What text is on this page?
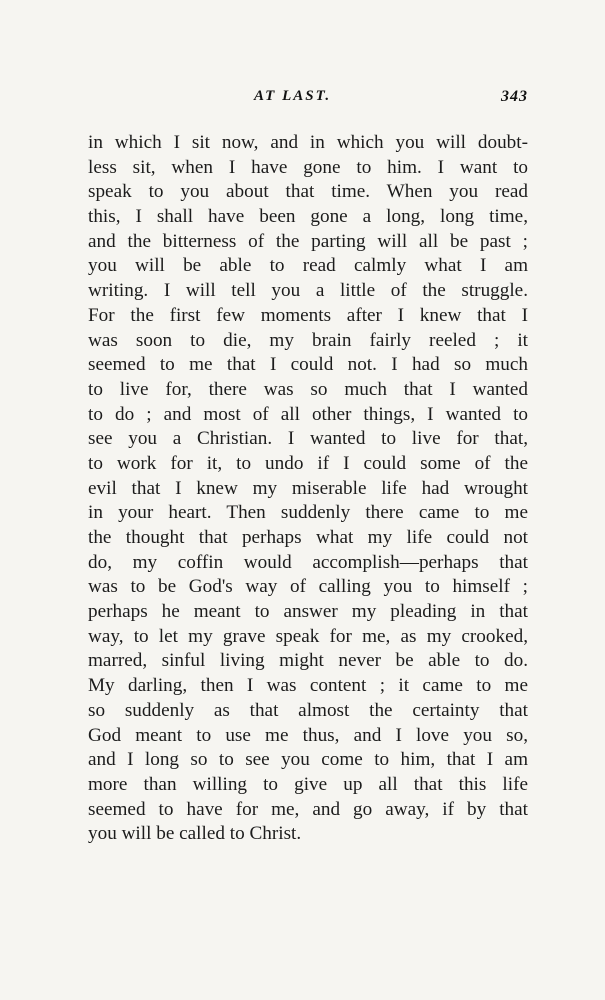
AT LAST.	343
in which I sit now, and in which you will doubt-
less sit, when I have gone to him. I want to
speak to you about that time. When you read
this, I shall have been gone a long, long time,
and the bitterness of the parting will all be past ;
you will be able to read calmly what I am
writing. I will tell you a little of the struggle.
For the first few moments after I knew that I
was soon to die, my brain fairly reeled ; it
seemed to me that I could not. I had so much
to live for, there was so much that I wanted
to do ; and most of all other things, I wanted to
see you a Christian. I wanted to live for that,
to work for it, to undo if I could some of the
evil that I knew my miserable life had wrought
in your heart. Then suddenly there came to me
the thought that perhaps what my life could not
do, my coffin would accomplish—perhaps that
was to be God's way of calling you to himself ;
perhaps he meant to answer my pleading in that
way, to let my grave speak for me, as my crooked,
marred, sinful living might never be able to do.
My darling, then I was content ; it came to me
so suddenly as that almost the certainty that
God meant to use me thus, and I love you so,
and I long so to see you come to him, that I am
more than willing to give up all that this life
seemed to have for me, and go away, if by that
you will be called to Christ.
